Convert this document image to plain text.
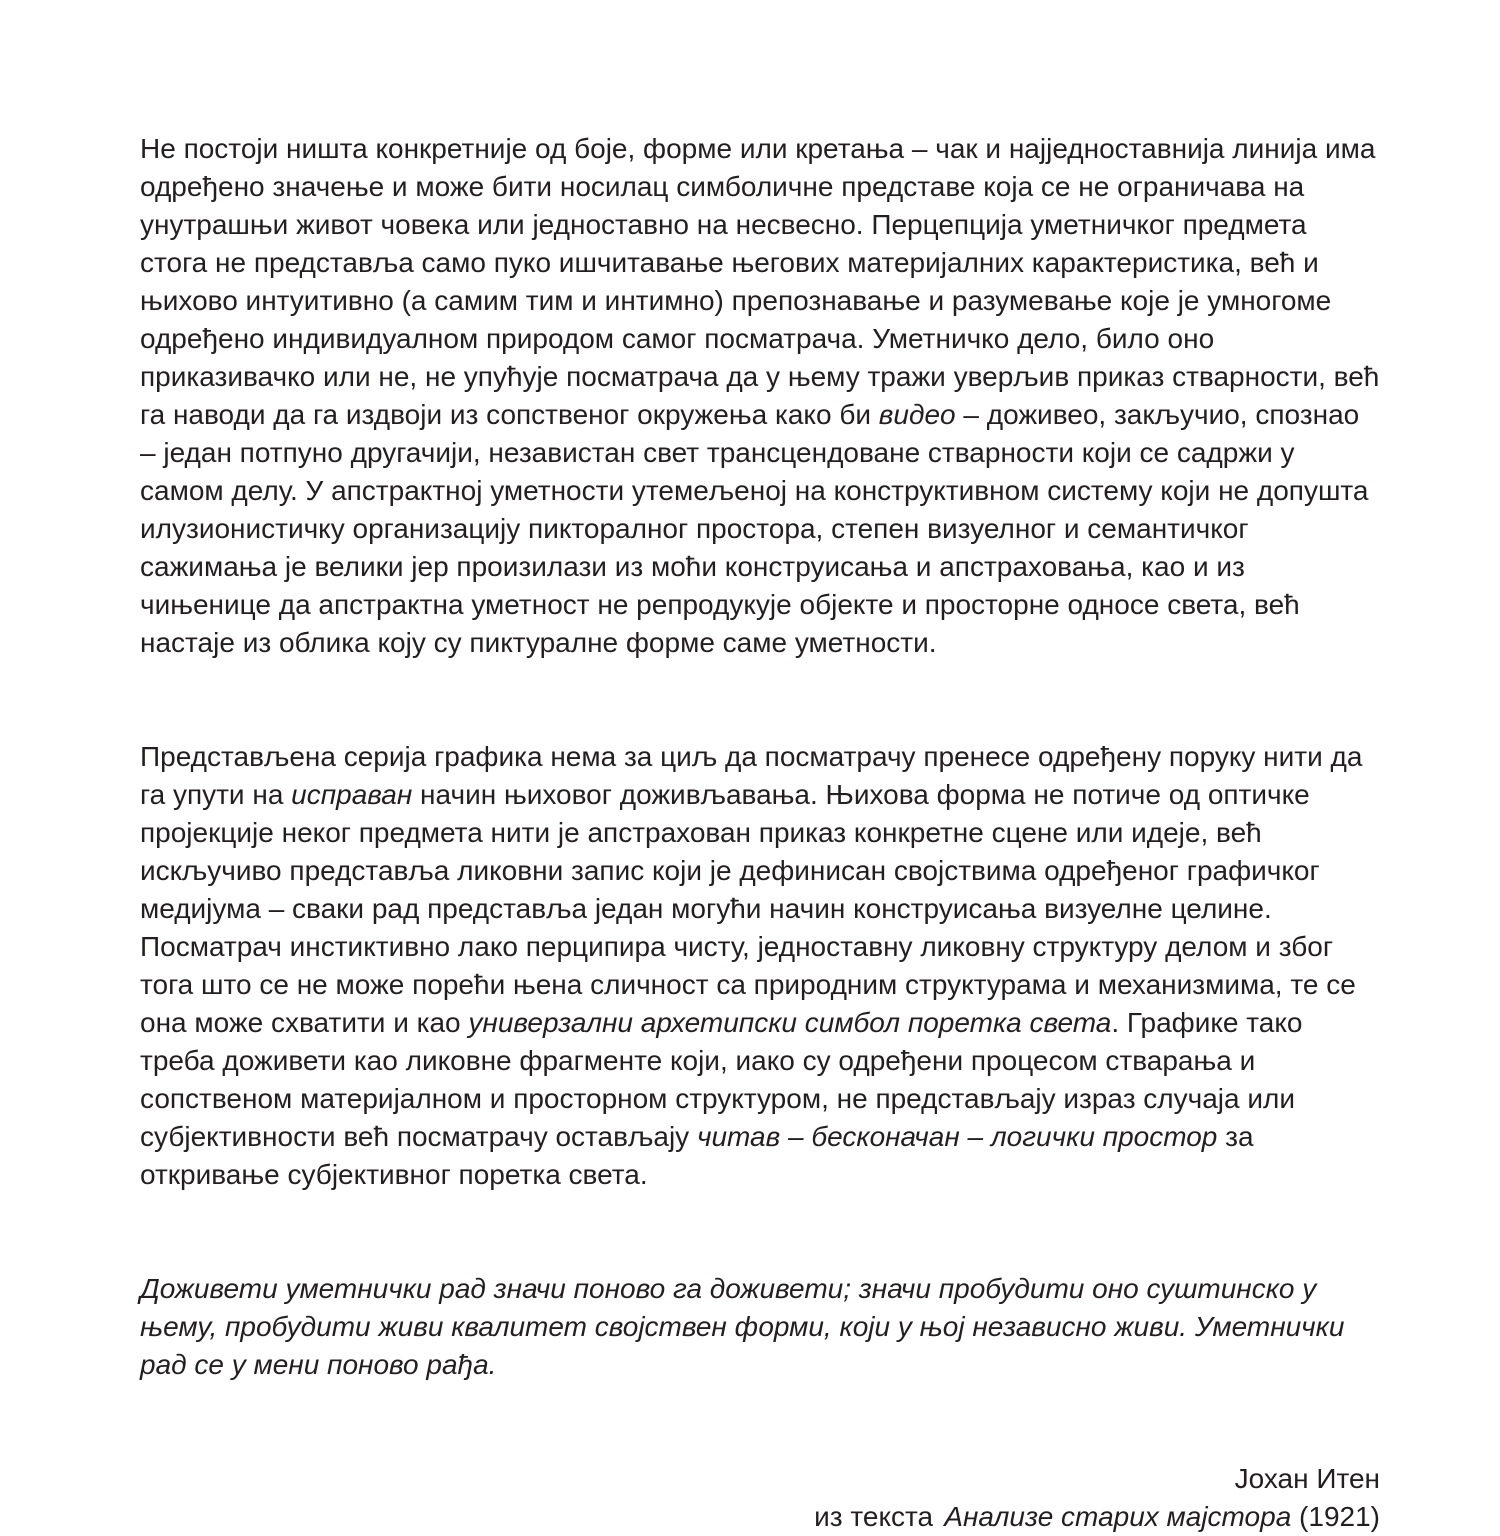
Не постоји ништа конкретније од боје, форме или кретања – чак и најједноставнија линија има одређено значење и може бити носилац симболичне представе која се не ограничава на унутрашњи живот човека или једноставно на несвесно. Перцепција уметничког предмета стога не представља само пуко ишчитавање његових материјалних карактеристика, већ и њихово интуитивно (а самим тим и интимно) препознавање и разумевање које је умногоме одређено индивидуалном природом самог посматрача. Уметничко дело, било оно приказивачко или не, не упућује посматрача да у њему тражи уверљив приказ стварности, већ га наводи да га издвоји из сопственог окружења како би видео – доживео, закључио, спознао – један потпуно другачији, независтан свет трансцендоване стварности који се садржи у самом делу. У апстрактној уметности утемељеној на конструктивном систему који не допушта илузионистичку организацију пикторалног простора, степен визуелног и семантичког сажимања је велики јер произилази из моћи конструисања и апстраховања, као и из чињенице да апстрактна уметност не репродукује објекте и просторне односе света, већ настаје из облика коју су пиктуралне форме саме уметности.

Представљена серија графика нема за циљ да посматрачу пренесе одређену поруку нити да га упути на исправан начин њиховог доживљавања. Њихова форма не потиче од оптичке пројекције неког предмета нити је апстрахован приказ конкретне сцене или идеје, већ искључиво представља ликовни запис који је дефинисан својствима одређеног графичког медијума – сваки рад представља један могући начин конструисања визуелне целине. Посматрач инстиктивно лако перципира чисту, једноставну ликовну структуру делом и због тога што се не може порећи њена сличност са природним структурама и механизмима, те се она може схватити и као универзални архетипски симбол поретка света. Графике тако треба доживети као ликовне фрагменте који, иако су одређени процесом стварања и сопственом материјалном и просторном структуром, не представљају израз случаја или субјективности већ посматрачу остављају читав – бесконачан – логички простор за откривање субјективног поретка света.

Доживети уметнички рад значи поново га доживети; значи пробудити оно суштинско у њему, пробудити живи квалитет својствен форми, који у њој независно живи. Уметнички рад се у мени поново рађа.

Јохан Итен
из текста Анализе старих мајстора (1921)
